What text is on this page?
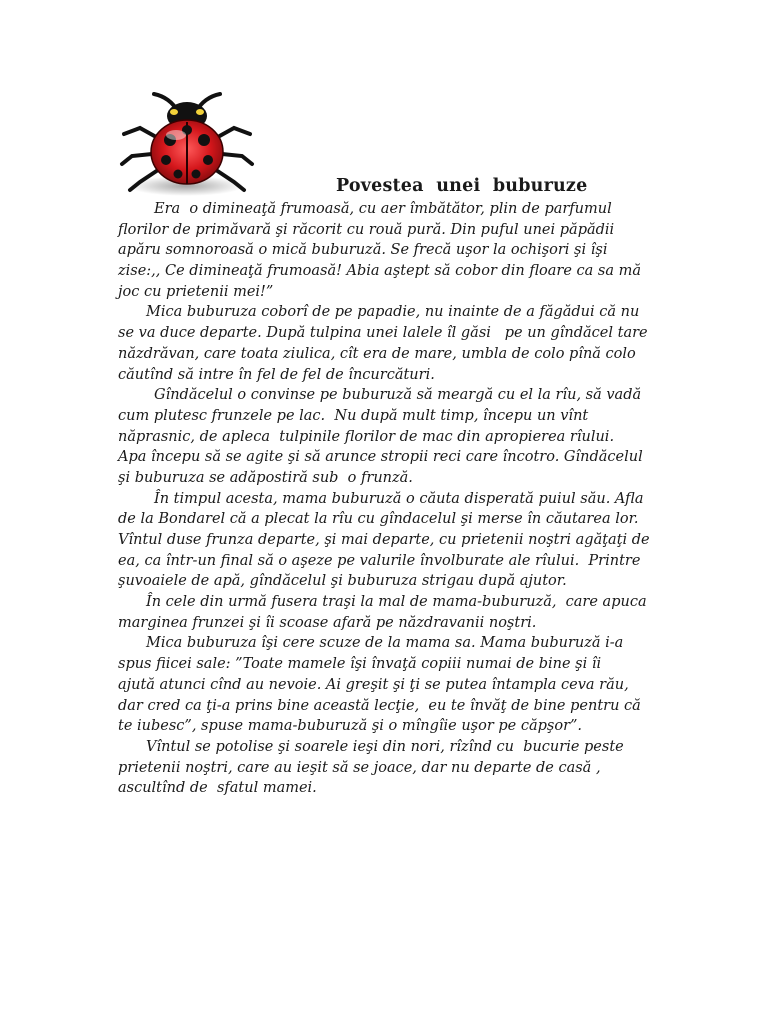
Povestea  unei  buburuze
Era  o dimineaţă frumoasă, cu aer îmbătător, plin de parfumul
florilor de primăvară şi răcorit cu rouă pură. Din puful unei păpădii
apăru somnoroasă o mică buburuză. Se frecă uşor la ochişori şi îşi
zise:,, Ce dimineaţă frumoasă! Abia aştept să cobor din floare ca sa mă
joc cu prietenii mei!”
Mica buburuza coborî de pe papadie, nu inainte de a făgădui că nu
se va duce departe. După tulpina unei lalele îl găsi   pe un gîndăcel tare
năzdrăvan, care toata ziulica, cît era de mare, umbla de colo pînă colo
căutînd să intre în fel de fel de încurcături.
Gîndăcelul o convinse pe buburuză să meargă cu el la rîu, să vadă
cum plutesc frunzele pe lac.  Nu după mult timp, începu un vînt
năprasnic, de apleca  tulpinile florilor de mac din apropierea rîului.
Apa începu să se agite şi să arunce stropii reci care încotro. Gîndăcelul
şi buburuza se adăpostiră sub  o frunză.
În timpul acesta, mama buburuză o căuta disperată puiul său. Afla
de la Bondarel că a plecat la rîu cu gîndacelul şi merse în căutarea lor.
Vîntul duse frunza departe, şi mai departe, cu prietenii noştri agăţaţi de
ea, ca într-un final să o aşeze pe valurile învolburate ale rîului.  Printre
şuvoaiele de apă, gîndăcelul şi buburuza strigau după ajutor.
În cele din urmă fusera traşi la mal de mama-buburuză,  care apuca
marginea frunzei şi îi scoase afară pe năzdravanii noştri.
Mica buburuza îşi cere scuze de la mama sa. Mama buburuză i-a
spus fiicei sale: ”Toate mamele îşi învaţă copiii numai de bine şi îi
ajută atunci cînd au nevoie. Ai greşit şi ţi se putea întampla ceva rău,
dar cred ca ţi-a prins bine această lecţie,  eu te învăţ de bine pentru că
te iubesc”, spuse mama-buburuză şi o mîngîie uşor pe căpşor”.
Vîntul se potolise şi soarele ieşi din nori, rîzînd cu  bucurie peste
prietenii noştri, care au ieşit să se joace, dar nu departe de casă ,
ascultînd de  sfatul mamei.
